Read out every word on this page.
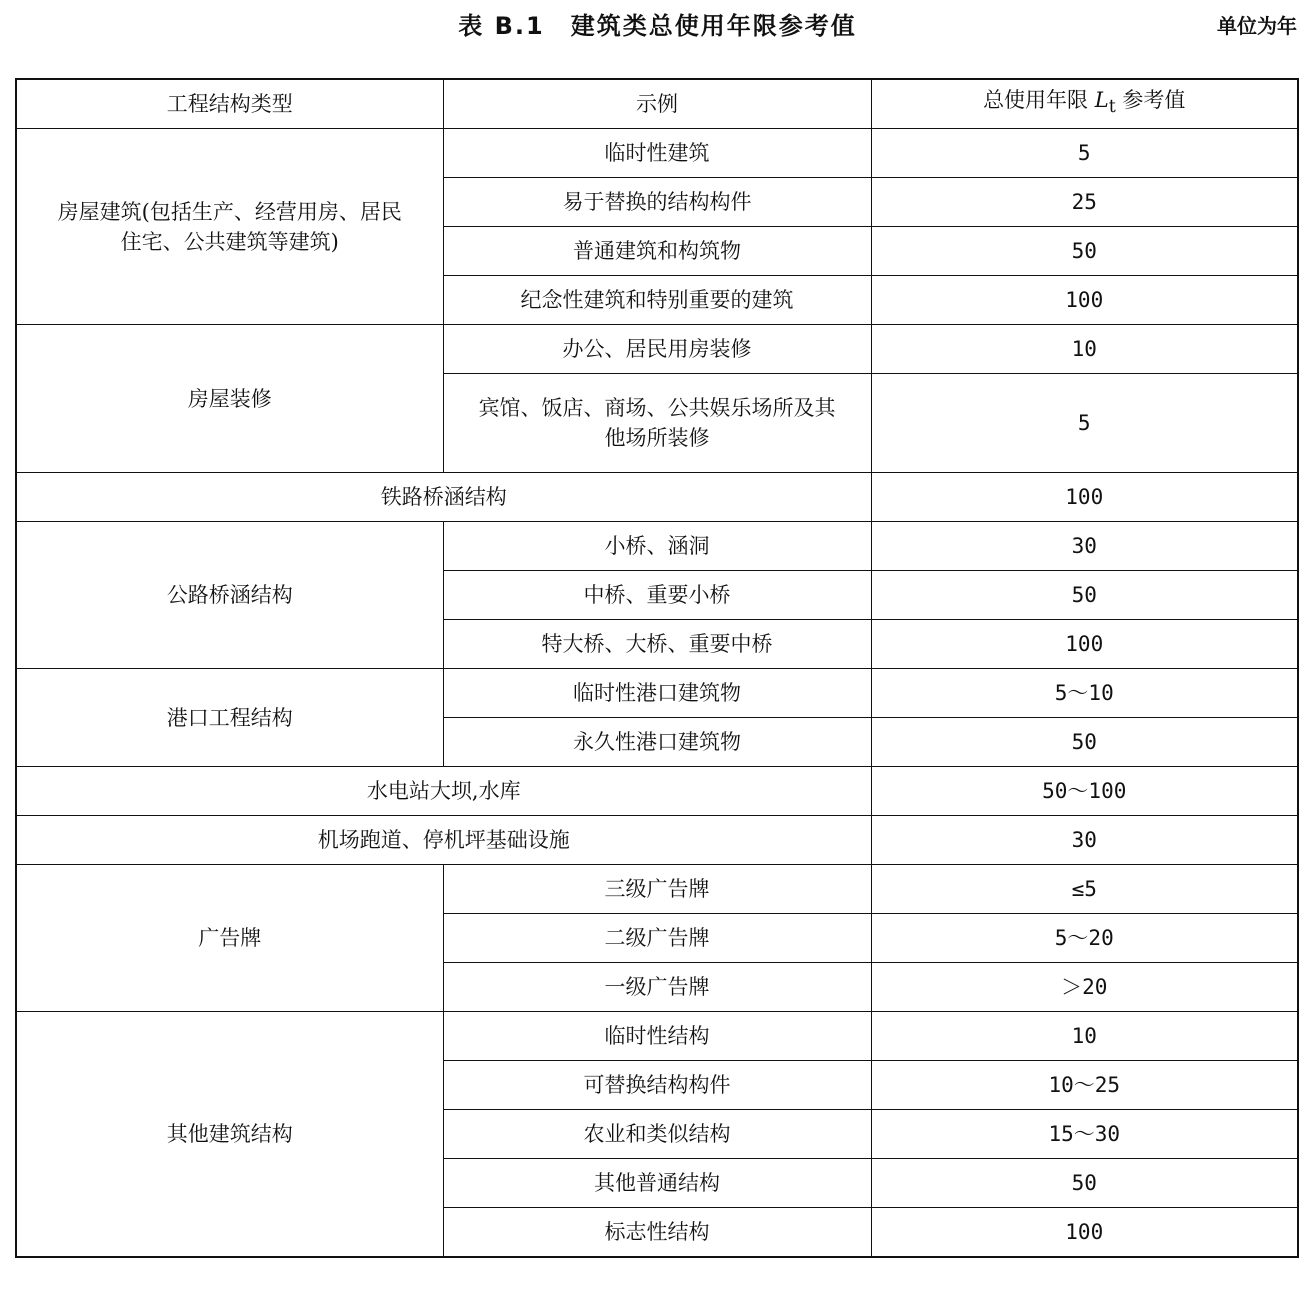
表 B.1　建筑类总使用年限参考值	单位为年
工程结构类型	示例	总使用年限 $L_t$ 参考值
房屋建筑(包括生产、经营用房、居民住宅、公共建筑等建筑)	临时性建筑	5
	易于替换的结构构件	25
	普通建筑和构筑物	50
	纪念性建筑和特别重要的建筑	100
房屋装修	办公、居民用房装修	10
	宾馆、饭店、商场、公共娱乐场所及其他场所装修	5
铁路桥涵结构		100
公路桥涵结构	小桥、涵洞	30
	中桥、重要小桥	50
	特大桥、大桥、重要中桥	100
港口工程结构	临时性港口建筑物	5～10
	永久性港口建筑物	50
水电站大坝,水库		50～100
机场跑道、停机坪基础设施		30
广告牌	三级广告牌	≤5
	二级广告牌	5～20
	一级广告牌	＞20
其他建筑结构	临时性结构	10
	可替换结构构件	10～25
	农业和类似结构	15～30
	其他普通结构	50
	标志性结构	100
